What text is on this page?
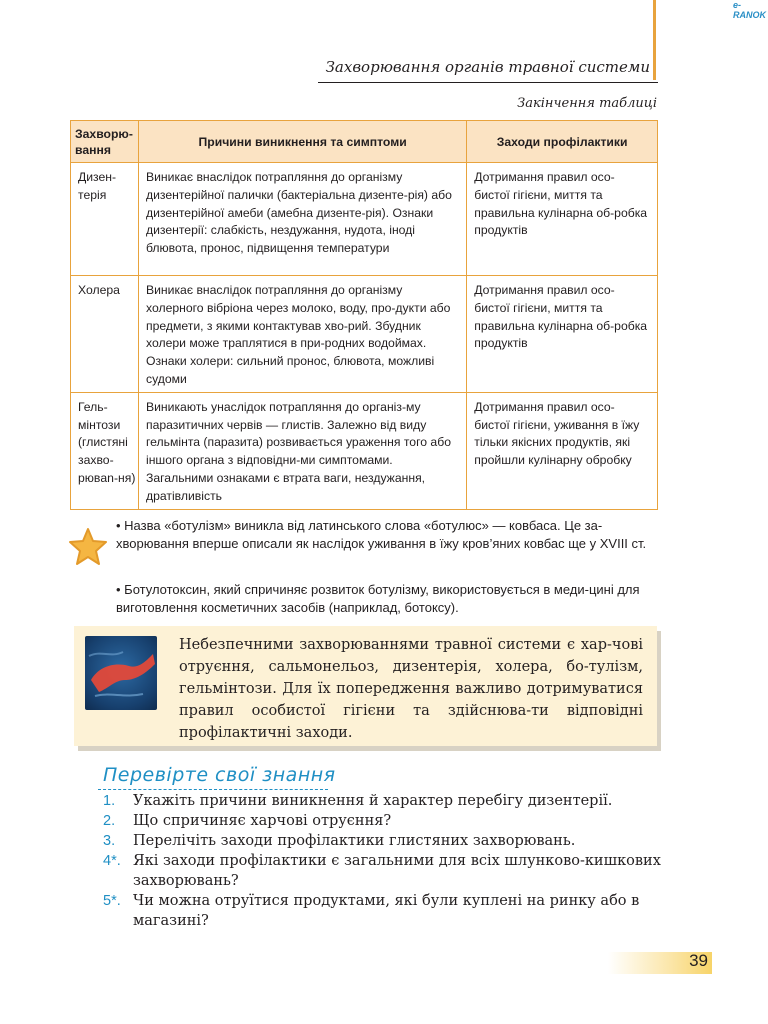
e-RANOK
Захворювання органів травної системи
Закінчення таблиці
Захворю-вання	Причини виникнення та симптоми	Заходи профілактики
Дизен-терія	Виникає внаслідок потрапляння до організму дизентерійної палички (бактеріальна дизенте-рія) або дизентерійної амеби (амебна дизенте-рія). Ознаки дизентерії: слабкість, нездужання, нудота, іноді блювота, пронос, підвищення температури	Дотримання правил осо-бистої гігієни, миття та правильна кулінарна об-робка продуктів
Холера	Виникає внаслідок потрапляння до організму холерного вібріона через молоко, воду, про-дукти або предмети, з якими контактував хво-рий. Збудник холери може траплятися в при-родних водоймах. Ознаки холери: сильний пронос, блювота, можливі судоми	Дотримання правил осо-бистої гігієни, миття та правильна кулінарна об-робка продуктів
Гель-мінтози (глистяні захво-рювan-ня)	Виникають унаслідок потрапляння до організ-му паразитичних червів — глистів. Залежно від виду гельмінта (паразита) розвивається ураження того або іншого органа з відповідни-ми симптомами. Загальними ознаками є втрата ваги, нездужання, дратівливість	Дотримання правил осо-бистої гігієни, уживання в їжу тільки якісних продуктів, які пройшли кулінарну обробку
• Назва «ботулізм» виникла від латинського слова «ботулюс» — ковбаса. Це за-хворювання вперше описали як наслідок уживання в їжу кров’яних ковбас ще у XVIII ст.
• Ботулотоксин, який спричиняє розвиток ботулізму, використовується в меди-цині для виготовлення косметичних засобів (наприклад, ботоксу).
Небезпечними захворюваннями травної системи є хар-чові отруєння, сальмонельоз, дизентерія, холера, бо-тулізм, гельмінтози. Для їх попередження важливо дотримуватися правил особистої гігієни та здійснюва-ти відповідні профілактичні заходи.
Перевірте свої знання
1. Укажіть причини виникнення й характер перебігу дизентерії.
2. Що спричиняє харчові отруєння?
3. Перелічіть заходи профілактики глистяних захворювань.
4*. Які заходи профілактики є загальними для всіх шлунково-кишкових захворювань?
5*. Чи можна отруїтися продуктами, які були куплені на ринку або в магазині?
39
